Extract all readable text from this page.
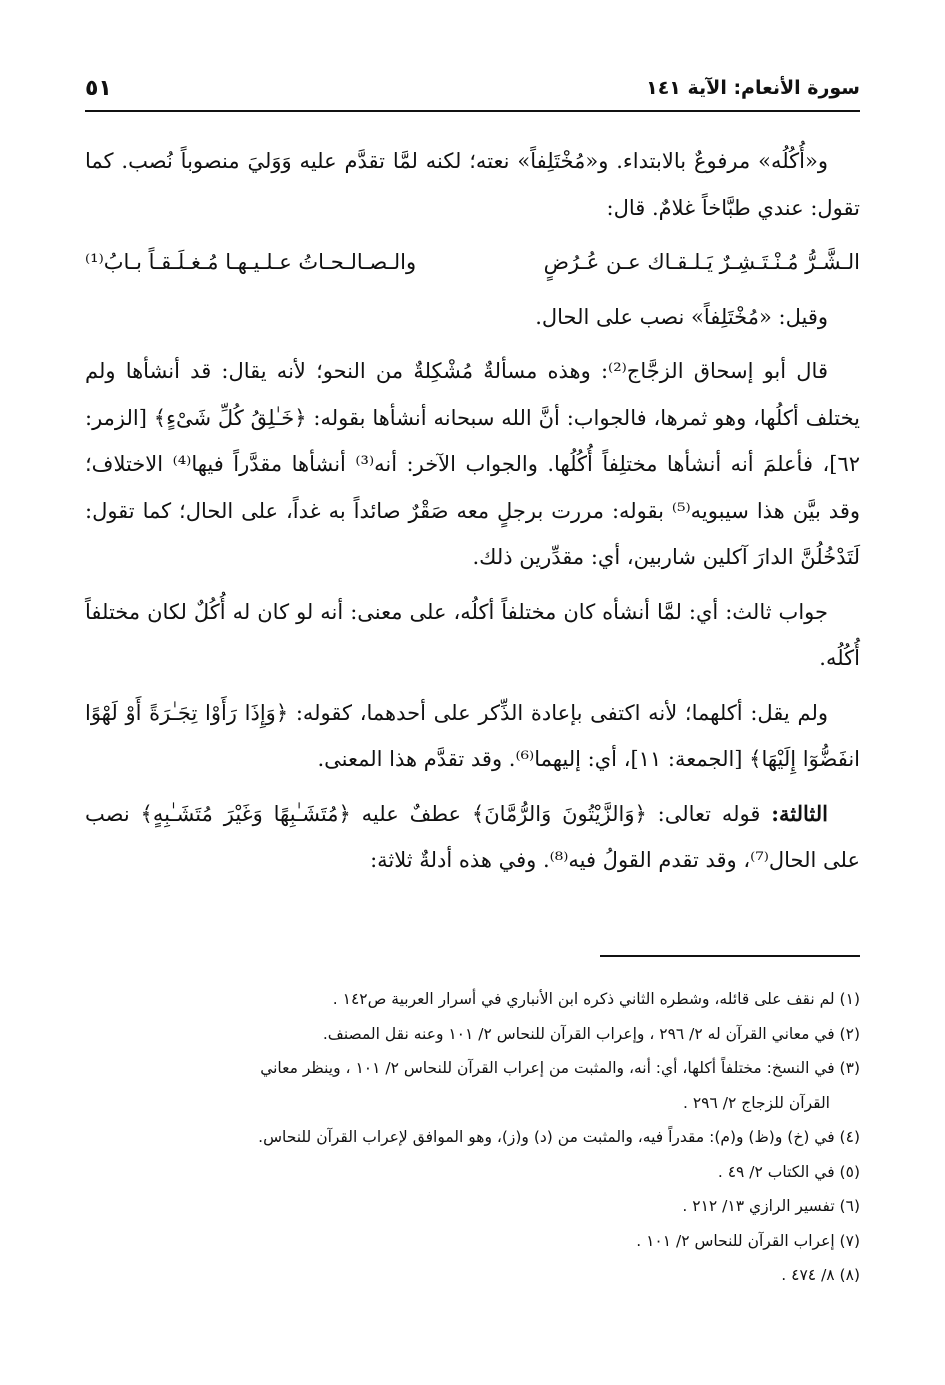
سورة الأنعام: الآية ١٤١
٥١

و«أُكُلُه» مرفوعٌ بالابتداء. و«مُخْتَلِفاً» نعته؛ لكنه لمَّا تقدَّم عليه وَوَليَ منصوباً نُصب. كما تقول: عندي طبَّاخاً غلامٌ. قال:

الـشَّـرُّ مُـنْـتَـشِـرٌ يَـلـقـاك عـن عُـرُضٍ
والـصـالـحـاتُ عـلـيـهـا مُـغـلَـقـاً بـابُ⁽¹⁾

وقيل: «مُخْتَلِفاً» نصب على الحال.

قال أبو إسحاق الزجَّاج⁽²⁾: وهذه مسألةٌ مُشْكِلةٌ من النحو؛ لأنه يقال: قد أنشأها ولم يختلف أكلُها، وهو ثمرها، فالجواب: أنَّ الله سبحانه أنشأها بقوله: ﴿خَـٰلِقُ كُلِّ شَىْءٍ﴾ [الزمر: ٦٢]، فأعلمَ أنه أنشأها مختلِفاً أُكُلُها. والجواب الآخر: أنه⁽³⁾ أنشأها مقدَّراً فيها⁽⁴⁾ الاختلاف؛ وقد بيَّن هذا سيبويه⁽⁵⁾ بقوله: مررت برجلٍ معه صَقْرٌ صائداً به غداً، على الحال؛ كما تقول: لَتَدْخُلُنَّ الدارَ آكلين شاربين، أي: مقدِّرين ذلك.

جواب ثالث: أي: لمَّا أنشأه كان مختلفاً أكلُه، على معنى: أنه لو كان له أُكُلٌ لكان مختلفاً أُكُلُه.

ولم يقل: أكلهما؛ لأنه اكتفى بإعادة الذِّكر على أحدهما، كقوله: ﴿وَإِذَا رَأَوْا تِجَـٰرَةً أَوْ لَهْوًا انفَضُّوٓا إِلَيْهَا﴾ [الجمعة: ١١]، أي: إليهما⁽⁶⁾. وقد تقدَّم هذا المعنى.

الثالثة: قوله تعالى: ﴿وَالزَّيْتُونَ وَالرُّمَّانَ﴾ عطفٌ عليه ﴿مُتَشَـٰبِهًا وَغَيْرَ مُتَشَـٰبِهٍ﴾ نصب على الحال⁽⁷⁾، وقد تقدم القولُ فيه⁽⁸⁾. وفي هذه أدلةٌ ثلاثة:

(١) لم نقف على قائله، وشطره الثاني ذكره ابن الأنباري في أسرار العربية ص١٤٢ .

(٢) في معاني القرآن له ٢/ ٢٩٦ ، وإعراب القرآن للنحاس ٢/ ١٠١ وعنه نقل المصنف.

(٣) في النسخ: مختلفاً أكلها، أي: أنه، والمثبت من إعراب القرآن للنحاس ٢/ ١٠١ ، وينظر معاني

القرآن للزجاج ٢/ ٢٩٦ .

(٤) في (خ) و(ظ) و(م): مقدراً فيه، والمثبت من (د) و(ز)، وهو الموافق لإعراب القرآن للنحاس.

(٥) في الكتاب ٢/ ٤٩ .

(٦) تفسير الرازي ١٣/ ٢١٢ .

(٧) إعراب القرآن للنحاس ٢/ ١٠١ .

(٨) ٨/ ٤٧٤ .
